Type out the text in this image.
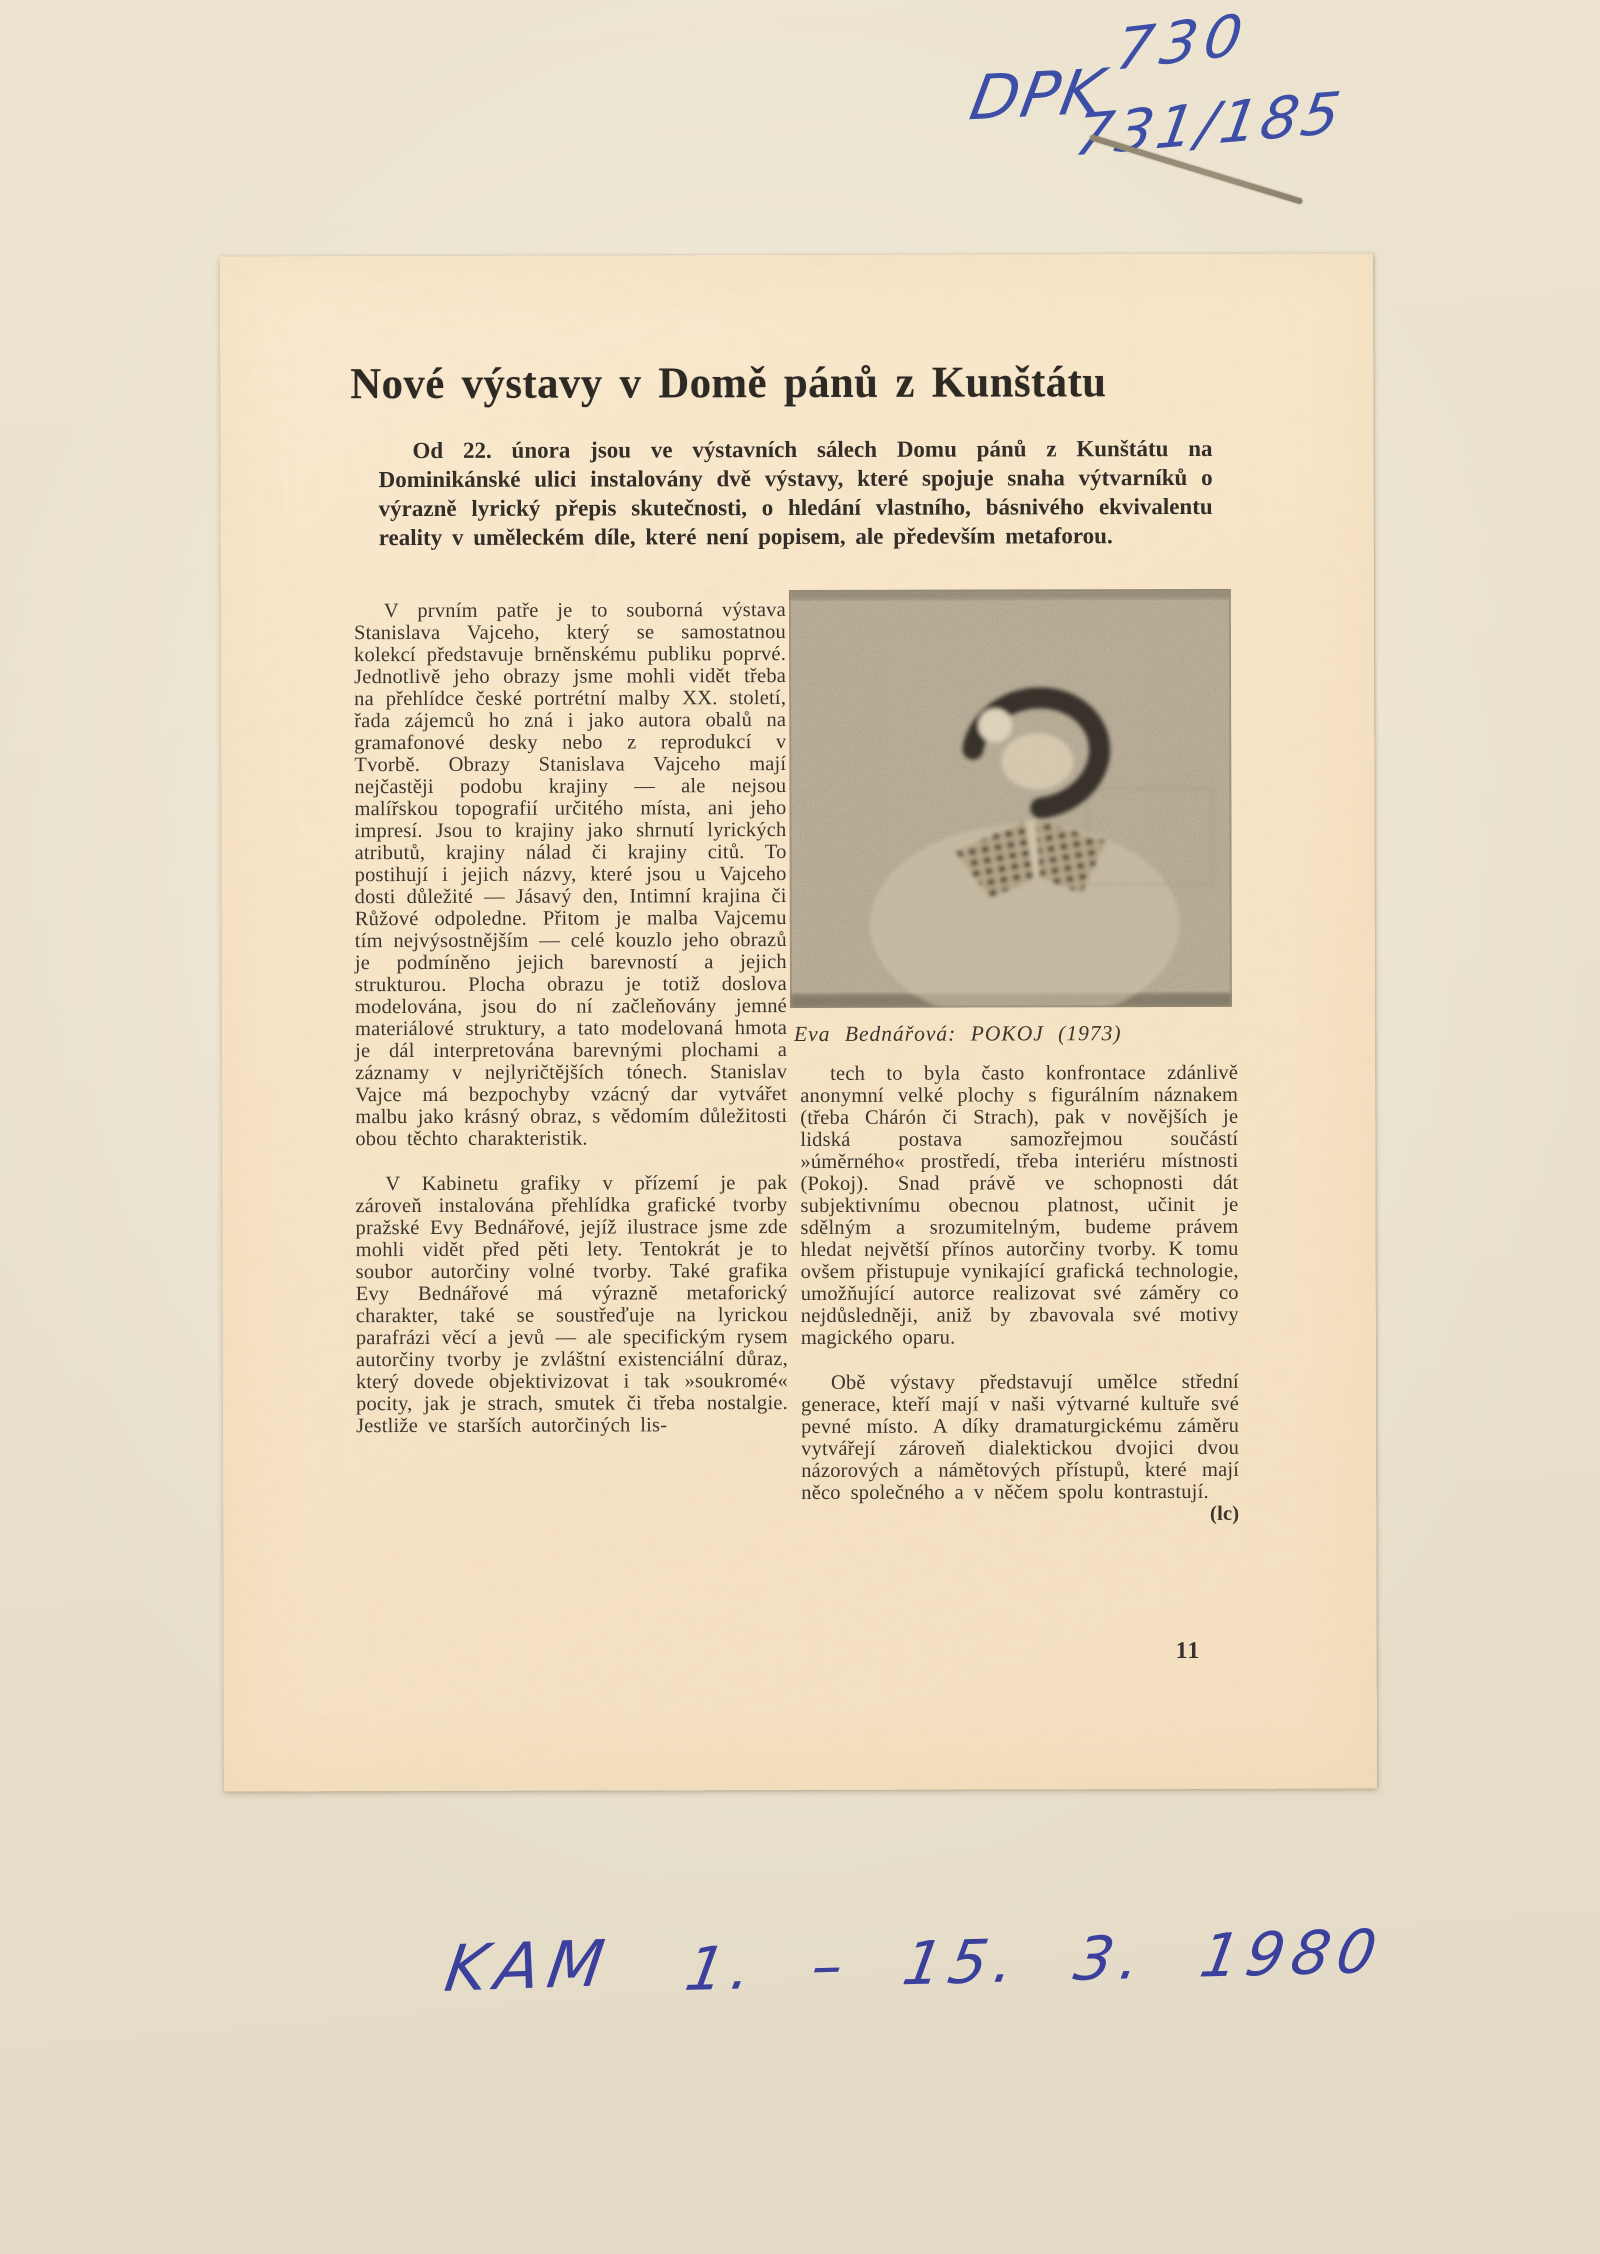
DPK
730
731/185
Nové výstavy v Domě pánů z Kunštátu

Od 22. února jsou ve výstavních sálech Domu pánů z Kunštátu na Dominikánské ulici instalovány dvě výstavy, které spojuje snaha výtvarníků o výrazně lyrický přepis skutečnosti, o hledání vlastního, básnivého ekvivalentu reality v uměleckém díle, které není popisem, ale především metaforou.

V prvním patře je to souborná výstava Stanislava Vajceho, který se samostatnou kolekcí představuje brněnskému publiku poprvé. Jednotlivě jeho obrazy jsme mohli vidět třeba na přehlídce české portrétní malby XX. století, řada zájemců ho zná i jako autora obalů na gramafonové desky nebo z reprodukcí v Tvorbě. Obrazy Stanislava Vajceho mají nejčastěji podobu krajiny — ale nejsou malířskou topografií určitého místa, ani jeho impresí. Jsou to krajiny jako shrnutí lyrických atributů, krajiny nálad či krajiny citů. To postihují i jejich názvy, které jsou u Vajceho dosti důležité — Jásavý den, Intimní krajina či Růžové odpoledne. Přitom je malba Vajcemu tím nejvýsostnějším — celé kouzlo jeho obrazů je podmíněno jejich barevností a jejich strukturou. Plocha obrazu je totiž doslova modelována, jsou do ní začleňovány jemné materiálové struktury, a tato modelovaná hmota je dál interpretována barevnými plochami a záznamy v nejlyričtějších tónech. Stanislav Vajce má bezpochyby vzácný dar vytvářet malbu jako krásný obraz, s vědomím důležitosti obou těchto charakteristik.

V Kabinetu grafiky v přízemí je pak zároveň instalována přehlídka grafické tvorby pražské Evy Bednářové, jejíž ilustrace jsme zde mohli vidět před pěti lety. Tentokrát je to soubor autorčiny volné tvorby. Také grafika Evy Bednářové má výrazně metaforický charakter, také se soustřeďuje na lyrickou parafrázi věcí a jevů — ale specifickým rysem autorčiny tvorby je zvláštní existenciální důraz, který dovede objektivizovat i tak »soukromé« pocity, jak je strach, smutek či třeba nostalgie. Jestliže ve starších autorčiných lis-

Eva Bednářová: POKOJ (1973)

tech to byla často konfrontace zdánlivě anonymní velké plochy s figurálním náznakem (třeba Chárón či Strach), pak v novějších je lidská postava samozřejmou součástí »úměrného« prostředí, třeba interiéru místnosti (Pokoj). Snad právě ve schopnosti dát subjektivnímu obecnou platnost, učinit je sdělným a srozumitelným, budeme právem hledat největší přínos autorčiny tvorby. K tomu ovšem přistupuje vynikající grafická technologie, umožňující autorce realizovat své záměry co nejdůsledněji, aniž by zbavovala své motivy magického oparu.

Obě výstavy představují umělce střední generace, kteří mají v naši výtvarné kultuře své pevné místo. A díky dramaturgickému záměru vytvářejí zároveň dialektickou dvojici dvou názorových a námětových přístupů, které mají něco společného a v něčem spolu kontrastují.
(lc)

11
KAM 1. – 15. 3. 1980
